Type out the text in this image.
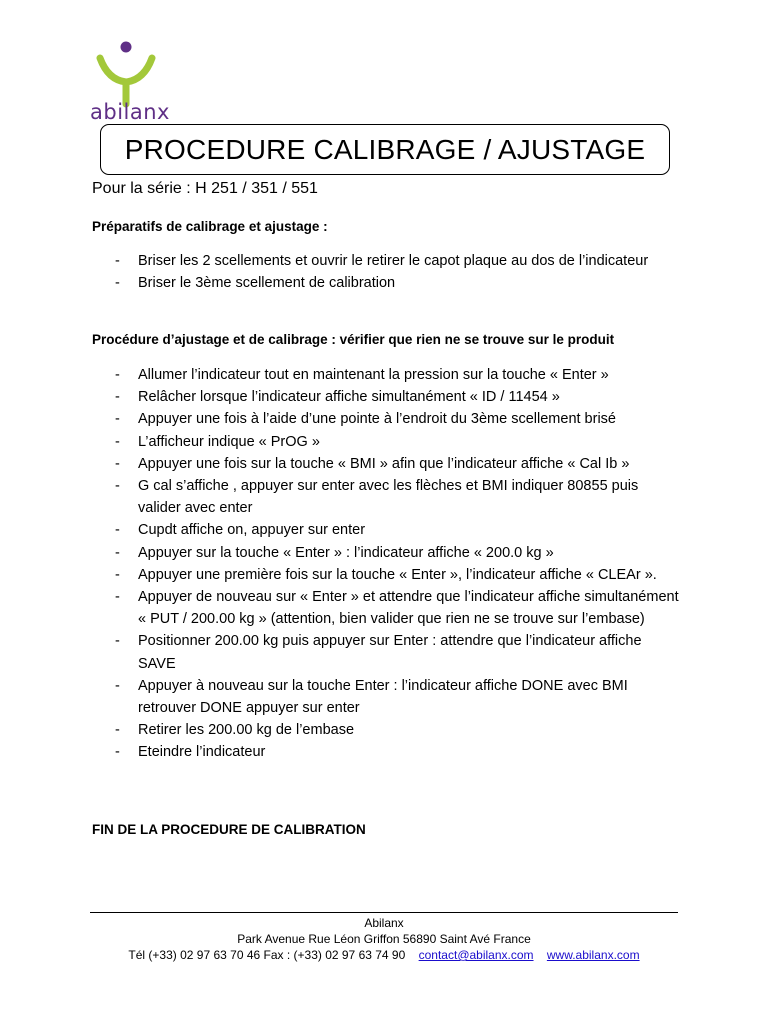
abilanx
PROCEDURE CALIBRAGE / AJUSTAGE
Pour la série : H 251 / 351 / 551
Préparatifs de calibrage et ajustage :
- Briser les 2 scellements et ouvrir le retirer le capot plaque au dos de l’indicateur
- Briser le 3ème scellement de calibration
Procédure d’ajustage et de calibrage : vérifier que rien ne se trouve sur le produit
- Allumer l’indicateur tout en maintenant la pression sur la touche « Enter »
- Relâcher lorsque l’indicateur affiche simultanément « ID / 11454 »
- Appuyer une fois à l’aide d’une pointe à l’endroit du 3ème scellement brisé
- L’afficheur indique « PrOG »
- Appuyer une fois sur la touche « BMI » afin que l’indicateur affiche « Cal Ib »
- G cal s’affiche , appuyer sur enter avec les flèches et BMI indiquer 80855 puis valider avec enter
- Cupdt affiche on, appuyer sur enter
- Appuyer sur la touche « Enter » : l’indicateur affiche « 200.0 kg »
- Appuyer une première fois sur la touche « Enter », l’indicateur affiche « CLEAr ».
- Appuyer de nouveau sur « Enter » et attendre que l’indicateur affiche simultanément « PUT / 200.00 kg » (attention, bien valider que rien ne se trouve sur l’embase)
- Positionner 200.00 kg puis appuyer sur Enter : attendre que l’indicateur affiche SAVE
- Appuyer à nouveau sur la touche Enter : l’indicateur affiche DONE avec BMI retrouver DONE appuyer sur enter
- Retirer les 200.00 kg de l’embase
- Eteindre l’indicateur
FIN DE LA PROCEDURE DE CALIBRATION
Abilanx
Park Avenue Rue Léon Griffon 56890 Saint Avé France
Tél (+33) 02 97 63 70 46 Fax : (+33) 02 97 63 74 90 contact@abilanx.com www.abilanx.com
